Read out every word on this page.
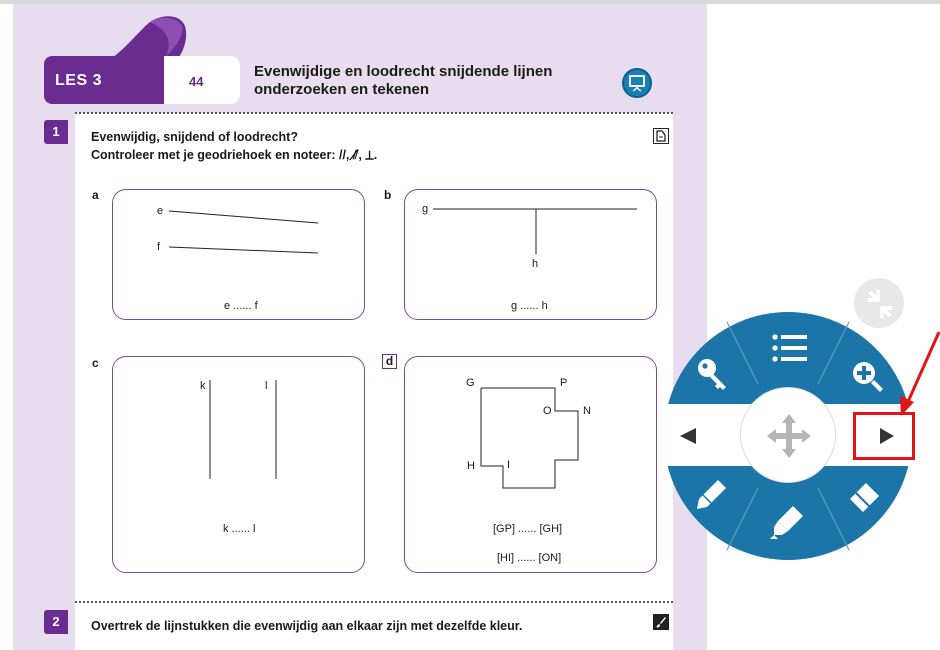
LES 3	44
Evenwijdige en loodrecht snijdende lijnen onderzoeken en tekenen
1	Evenwijdig, snijdend of loodrecht?
Controleer met je geodriehoek en noteer: //, ⫽̸, ⊥.
a
e
f
e ...... f
b
g
h
g ...... h
c
k	l
k ...... l
d
G	P
O	N
H	I
[GP] ...... [GH]
[HI] ...... [ON]
2	Overtrek de lijnstukken die evenwijdig aan elkaar zijn met dezelfde kleur.
